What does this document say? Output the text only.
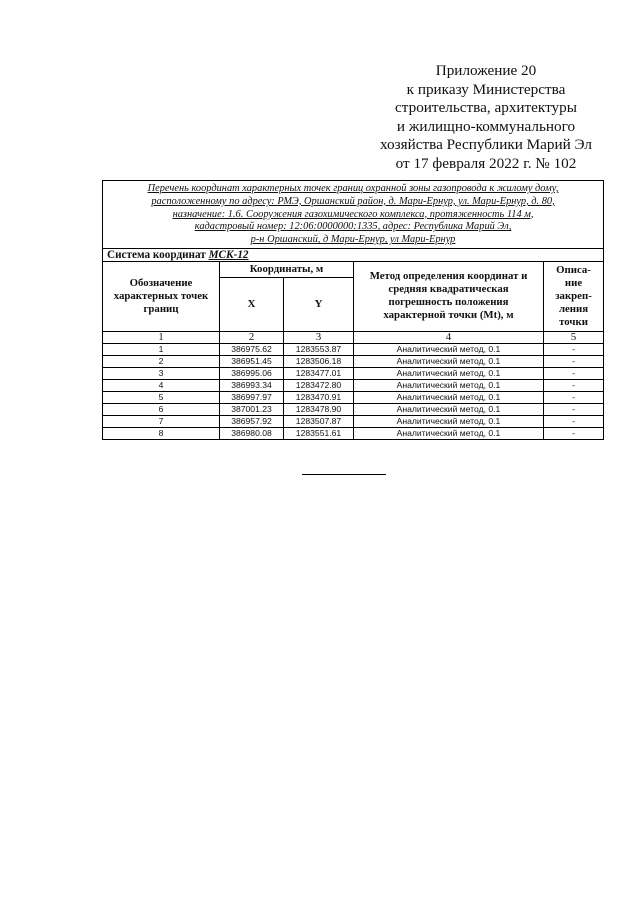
Приложение 20
к приказу Министерства
строительства, архитектуры
и жилищно-коммунального
хозяйства Республики Марий Эл
от 17 февраля 2022 г. № 102
Перечень координат характерных точек границ охранной зоны газопровода к жилому дому,
расположенному по адресу: РМЭ, Оршанский район, д. Мари-Ернур, ул. Мари-Ернур, д. 80,
назначение: 1.6. Сооружения газохимического комплекса, протяженность 114 м,
кадастровый номер: 12:06:0000000:1335, адрес: Республика Марий Эл,
р-н Оршанский, д Мари-Ернур, ул Мари-Ернур				

Система координат МСК-12				
Обозначение характерных точек границ	Координаты, м		Метод определения координат и средняя квадратическая погрешность положения характерной точки (Mt), м	Описа-ние закреп-ления точки

	X	Y		
1	2	3	4	5
1	386975.62	1283553.87	Аналитический метод, 0.1	-
2	386951.45	1283506.18	Аналитический метод, 0.1	-
3	386995.06	1283477.01	Аналитический метод, 0.1	-
4	386993.34	1283472.80	Аналитический метод, 0.1	-
5	386997.97	1283470.91	Аналитический метод, 0.1	-
6	387001.23	1283478.90	Аналитический метод, 0.1	-
7	386957.92	1283507.87	Аналитический метод, 0.1	-
8	386980.08	1283551.61	Аналитический метод, 0.1	-
